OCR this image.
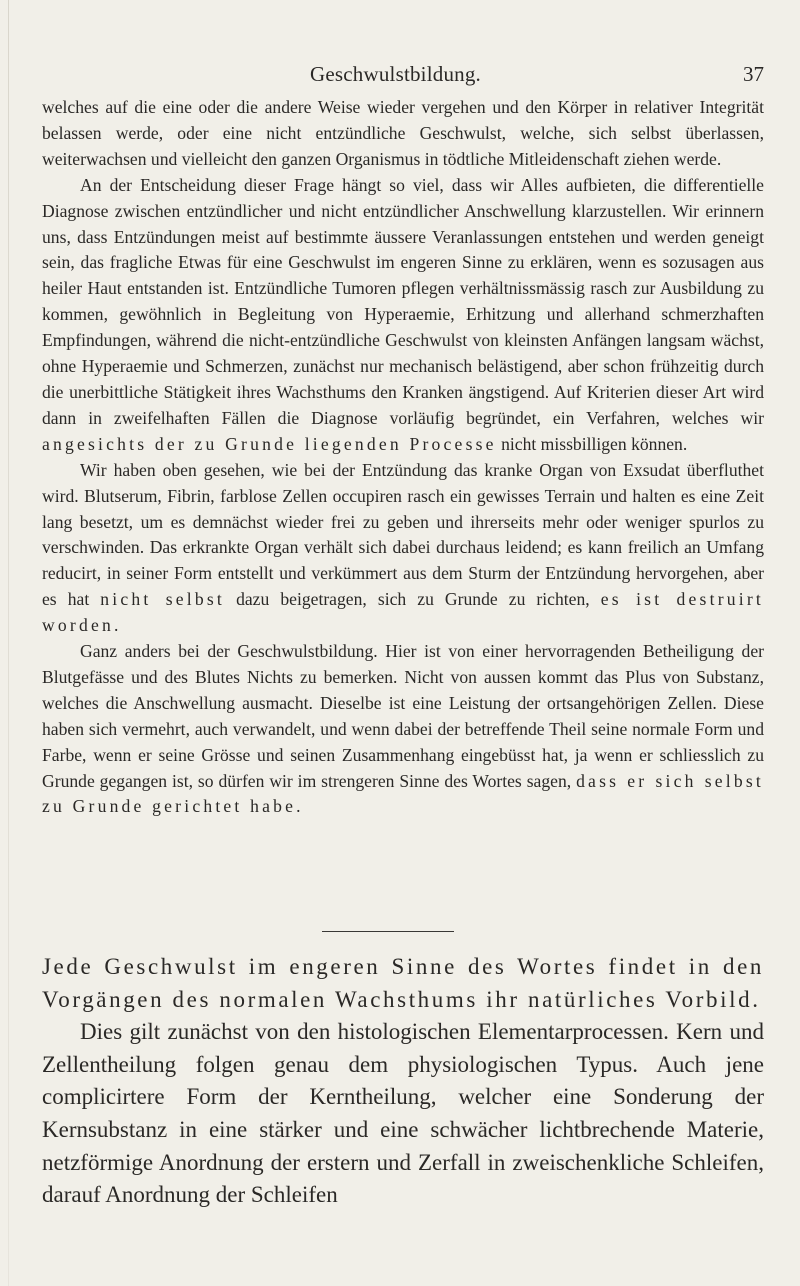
Geschwulstbildung.	37

welches auf die eine oder die andere Weise wieder vergehen und den Körper in relativer Integrität belassen werde, oder eine nicht entzündliche Geschwulst, welche, sich selbst überlassen, weiterwachsen und vielleicht den ganzen Organismus in tödtliche Mitleidenschaft ziehen werde.

An der Entscheidung dieser Frage hängt so viel, dass wir Alles aufbieten, die differentielle Diagnose zwischen entzündlicher und nicht entzündlicher Anschwellung klarzustellen. Wir erinnern uns, dass Entzündungen meist auf bestimmte äussere Veranlassungen entstehen und werden geneigt sein, das fragliche Etwas für eine Geschwulst im engeren Sinne zu erklären, wenn es sozusagen aus heiler Haut entstanden ist. Entzündliche Tumoren pflegen verhältnissmässig rasch zur Ausbildung zu kommen, gewöhnlich in Begleitung von Hyperaemie, Erhitzung und allerhand schmerzhaften Empfindungen, während die nicht-entzündliche Geschwulst von kleinsten Anfängen langsam wächst, ohne Hyperaemie und Schmerzen, zunächst nur mechanisch belästigend, aber schon frühzeitig durch die unerbittliche Stätigkeit ihres Wachsthums den Kranken ängstigend. Auf Kriterien dieser Art wird dann in zweifelhaften Fällen die Diagnose vorläufig begründet, ein Verfahren, welches wir angesichts der zu Grunde liegenden Processe nicht missbilligen können.

Wir haben oben gesehen, wie bei der Entzündung das kranke Organ von Exsudat überfluthet wird. Blutserum, Fibrin, farblose Zellen occupiren rasch ein gewisses Terrain und halten es eine Zeit lang besetzt, um es demnächst wieder frei zu geben und ihrerseits mehr oder weniger spurlos zu verschwinden. Das erkrankte Organ verhält sich dabei durchaus leidend; es kann freilich an Umfang reducirt, in seiner Form entstellt und verkümmert aus dem Sturm der Entzündung hervorgehen, aber es hat nicht selbst dazu beigetragen, sich zu Grunde zu richten, es ist destruirt worden.

Ganz anders bei der Geschwulstbildung. Hier ist von einer hervorragenden Betheiligung der Blutgefässe und des Blutes Nichts zu bemerken. Nicht von aussen kommt das Plus von Substanz, welches die Anschwellung ausmacht. Dieselbe ist eine Leistung der ortsangehörigen Zellen. Diese haben sich vermehrt, auch verwandelt, und wenn dabei der betreffende Theil seine normale Form und Farbe, wenn er seine Grösse und seinen Zusammenhang eingebüsst hat, ja wenn er schliesslich zu Grunde gegangen ist, so dürfen wir im strengeren Sinne des Wortes sagen, dass er sich selbst zu Grunde gerichtet habe.

Jede Geschwulst im engeren Sinne des Wortes findet in den Vorgängen des normalen Wachsthums ihr natürliches Vorbild.

Dies gilt zunächst von den histologischen Elementarprocessen. Kern und Zellentheilung folgen genau dem physiologischen Typus. Auch jene complicirtere Form der Kerntheilung, welcher eine Sonderung der Kernsubstanz in eine stärker und eine schwächer lichtbrechende Materie, netzförmige Anordnung der erstern und Zerfall in zweischenkliche Schleifen, darauf Anordnung der Schleifen
